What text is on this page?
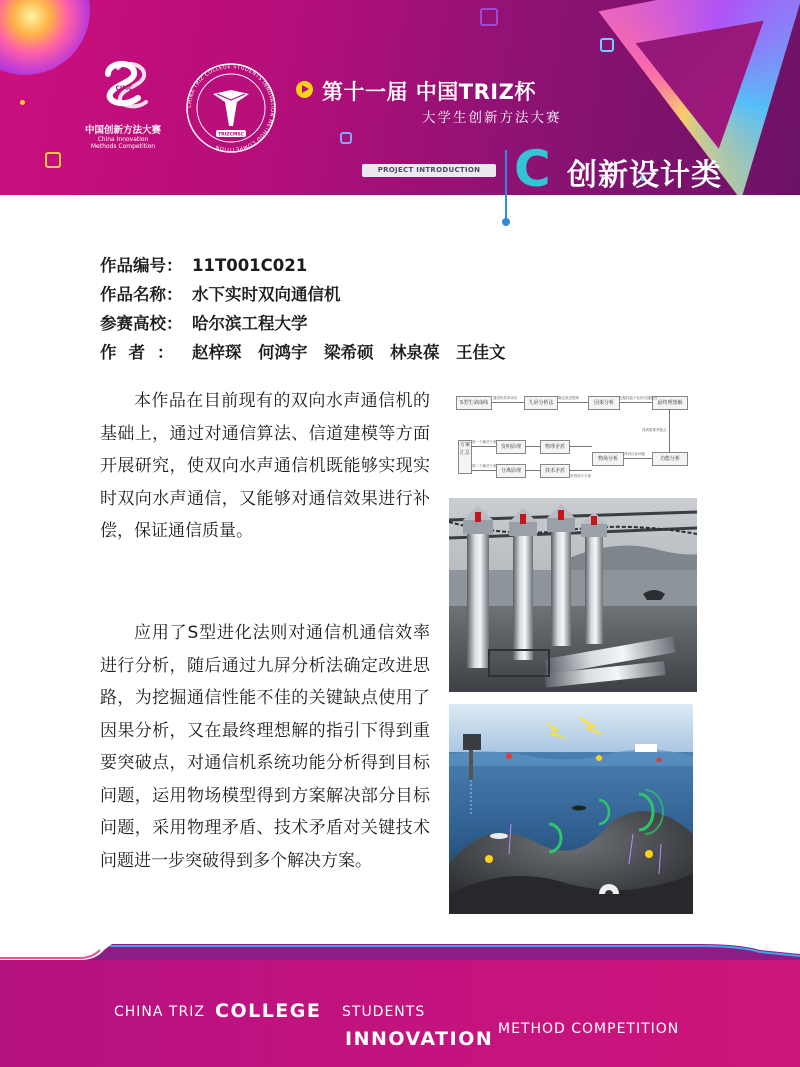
CIMC
中国创新方法大赛
China Innovation
Methods Competition
CHINA TRIZ COLLEGE STUDENTS INNOVATION METHOD COMPETITION
TRIZCMSC
第十一届 中国TRIZ杯
大学生创新方法大赛
PROJECT INTRODUCTION C 创新设计类
作品编号： 11T001C021
作品名称： 水下实时双向通信机
参赛高校： 哈尔滨工程大学
作者： 赵梓琛　何鸿宇　梁希硕　林泉葆　王佳文

本作品在目前现有的双向水声通信机的基础上，通过对通信算法、信道建模等方面开展研究，使双向水声通信机既能够实现实时双向水声通信，又能够对通信效果进行补偿，保证通信质量。

应用了S型进化法则对通信机通信效率进行分析，随后通过九屏分析法确定改进思路，为挖掘通信性能不佳的关键缺点使用了因果分析，又在最终理想解的指引下得到重要突破点，对通信机系统功能分析得到目标问题，运用物场模型得到方案解决部分目标问题，采用物理矛盾、技术矛盾对关键技术问题进一步突破得到多个解决方案。

S型生命曲线	九屏分析法	因果分析	最终理想解
方案汇总
发明原理	物理矛盾
分离原理	技术矛盾
物场分析	功能分析
通信机效率评价	确定改进思路	挖掘性能不佳的关键缺点
得到重要突破点
得到目标问题
获得部分方案
第一个解决方案
第二个解决方案
CHINA TRIZ COLLEGE STUDENTS
INNOVATION METHOD COMPETITION
